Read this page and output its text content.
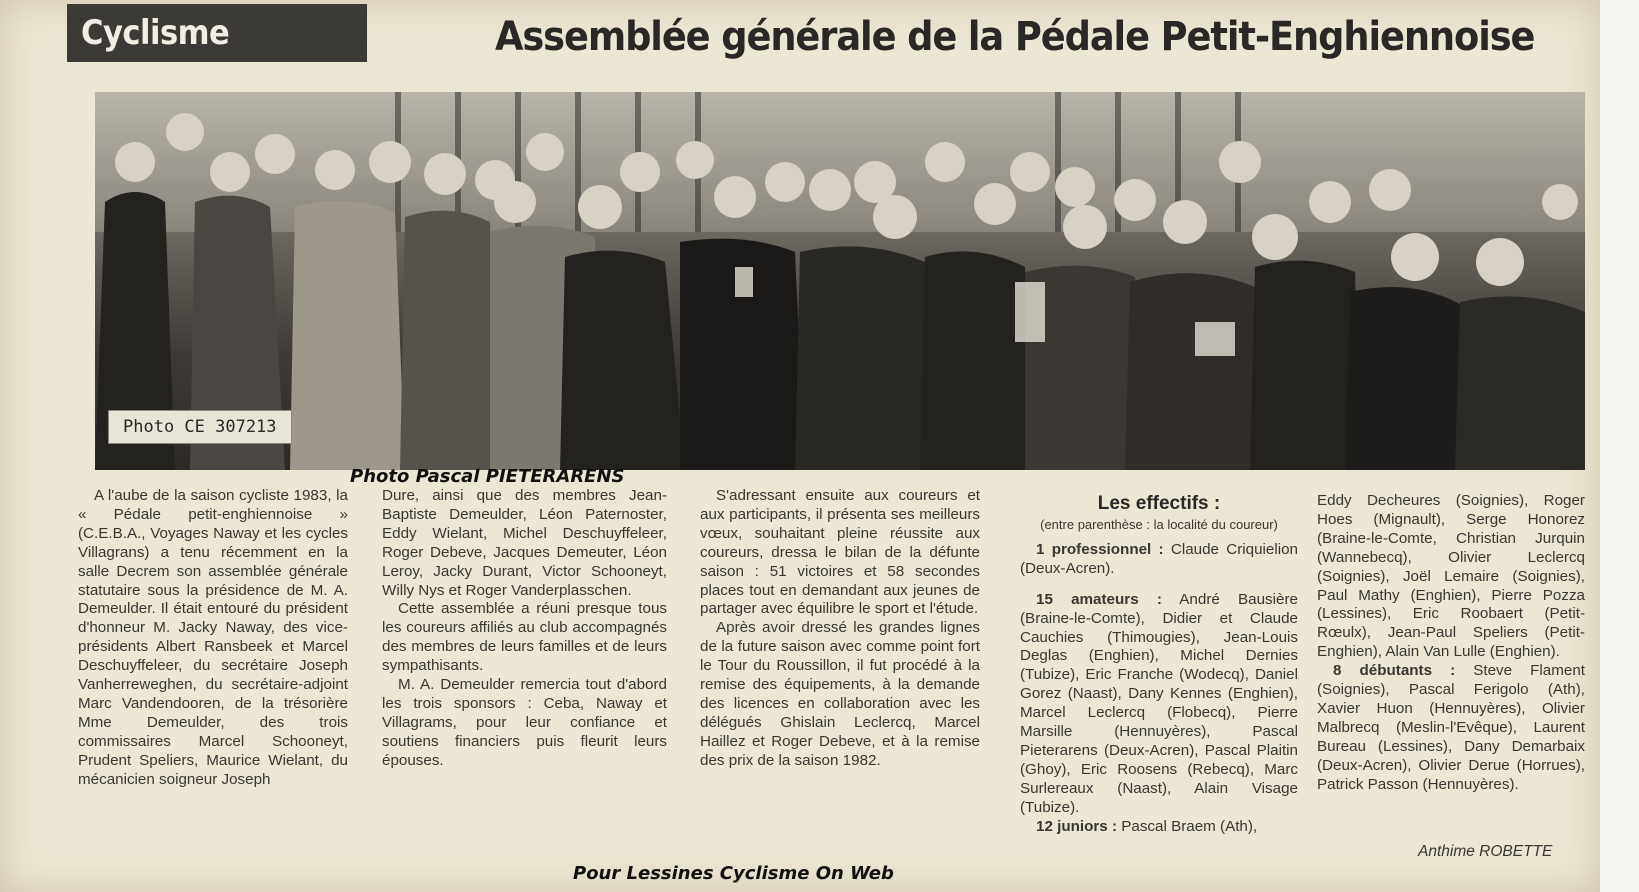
Cyclisme	Assemblée générale de la Pédale Petit-Enghiennoise
Photo CE 307213
Photo Pascal PIETERARENS

A l'aube de la saison cycliste 1983, la « Pédale petit-enghiennoise » (C.E.B.A., Voyages Naway et les cycles Villagrans) a tenu récemment en la salle Decrem son assemblée générale statutaire sous la présidence de M. A. Demeulder. Il était entouré du président d'honneur M. Jacky Naway, des vice-présidents Albert Ransbeek et Marcel Deschuyffeleer, du secrétaire Joseph Vanherreweghen, du secrétaire-adjoint Marc Vandendooren, de la trésorière Mme Demeulder, des trois commissaires Marcel Schooneyt, Prudent Speliers, Maurice Wielant, du mécanicien soigneur Joseph

Dure, ainsi que des membres Jean-Baptiste Demeulder, Léon Paternoster, Eddy Wielant, Michel Deschuyffeleer, Roger Debeve, Jacques Demeuter, Léon Leroy, Jacky Durant, Victor Schooneyt, Willy Nys et Roger Vanderplasschen.

Cette assemblée a réuni presque tous les coureurs affiliés au club accompagnés des membres de leurs familles et de leurs sympathisants.

M. A. Demeulder remercia tout d'abord les trois sponsors : Ceba, Naway et Villagrams, pour leur confiance et soutiens financiers puis fleurit leurs épouses.

S'adressant ensuite aux coureurs et aux participants, il présenta ses meilleurs vœux, souhaitant pleine réussite aux coureurs, dressa le bilan de la défunte saison : 51 victoires et 58 secondes places tout en demandant aux jeunes de partager avec équilibre le sport et l'étude.

Après avoir dressé les grandes lignes de la future saison avec comme point fort le Tour du Roussillon, il fut procédé à la remise des équipements, à la demande des licences en collaboration avec les délégués Ghislain Leclercq, Marcel Haillez et Roger Debeve, et à la remise des prix de la saison 1982.

Les effectifs :
(entre parenthèse : la localité du coureur)

1 professionnel : Claude Criquielion (Deux-Acren).

15 amateurs : André Bausière (Braine-le-Comte), Didier et Claude Cauchies (Thimougies), Jean-Louis Deglas (Enghien), Michel Dernies (Tubize), Eric Franche (Wodecq), Daniel Gorez (Naast), Dany Kennes (Enghien), Marcel Leclercq (Flobecq), Pierre Marsille (Hennuyères), Pascal Pieterarens (Deux-Acren), Pascal Plaitin (Ghoy), Eric Roosens (Rebecq), Marc Surlereaux (Naast), Alain Visage (Tubize).

12 juniors : Pascal Braem (Ath),

Eddy Decheures (Soignies), Roger Hoes (Mignault), Serge Honorez (Braine-le-Comte, Christian Jurquin (Wannebecq), Olivier Leclercq (Soignies), Joël Lemaire (Soignies), Paul Mathy (Enghien), Pierre Pozza (Lessines), Eric Roobaert (Petit-Rœulx), Jean-Paul Speliers (Petit-Enghien), Alain Van Lulle (Enghien).

8 débutants : Steve Flament (Soignies), Pascal Ferigolo (Ath), Xavier Huon (Hennuyères), Olivier Malbrecq (Meslin-l'Evêque), Laurent Bureau (Lessines), Dany Demarbaix (Deux-Acren), Olivier Derue (Horrues), Patrick Passon (Hennuyères).

Anthime ROBETTE
Pour Lessines Cyclisme On Web
